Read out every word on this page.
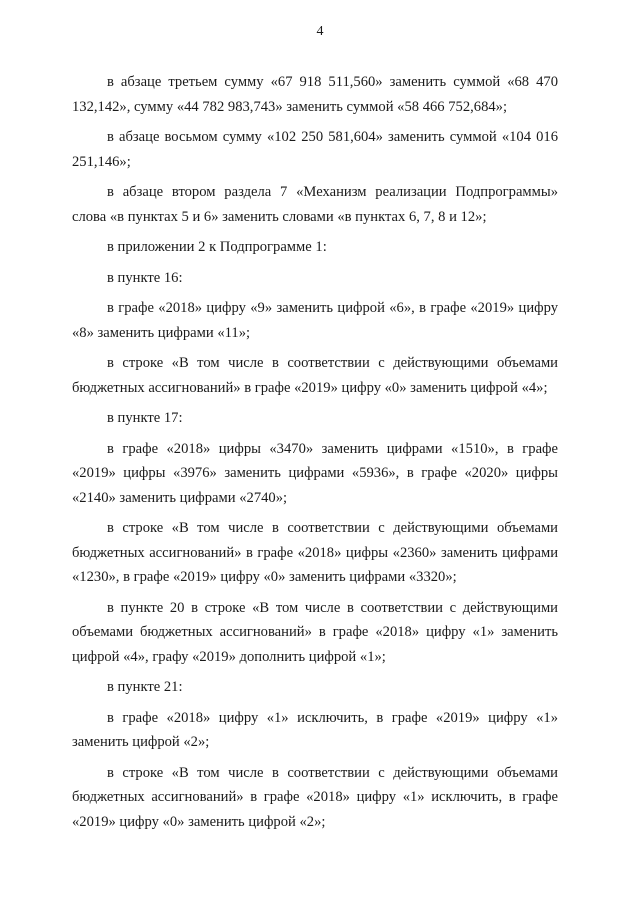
4

в абзаце третьем сумму «67 918 511,560» заменить суммой «68 470 132,142», сумму «44 782 983,743» заменить суммой «58 466 752,684»;

в абзаце восьмом сумму «102 250 581,604» заменить суммой «104 016 251,146»;

в абзаце втором раздела 7 «Механизм реализации Подпрограммы» слова «в пунктах 5 и 6» заменить словами «в пунктах 6, 7, 8 и 12»;

в приложении 2 к Подпрограмме 1:

в пункте 16:

в графе «2018» цифру «9» заменить цифрой «6», в графе «2019» цифру «8» заменить цифрами «11»;

в строке «В том числе в соответствии с действующими объемами бюджетных ассигнований» в графе «2019» цифру «0» заменить цифрой «4»;

в пункте 17:

в графе «2018» цифры «3470» заменить цифрами «1510», в графе «2019» цифры «3976» заменить цифрами «5936», в графе «2020» цифры «2140» заменить цифрами «2740»;

в строке «В том числе в соответствии с действующими объемами бюджетных ассигнований» в графе «2018» цифры «2360» заменить цифрами «1230», в графе «2019» цифру «0» заменить цифрами «3320»;

в пункте 20 в строке «В том числе в соответствии с действующими объемами бюджетных ассигнований» в графе «2018» цифру «1» заменить цифрой «4», графу «2019» дополнить цифрой «1»;

в пункте 21:

в графе «2018» цифру «1» исключить, в графе «2019» цифру «1» заменить цифрой «2»;

в строке «В том числе в соответствии с действующими объемами бюджетных ассигнований» в графе «2018» цифру «1» исключить, в графе «2019» цифру «0» заменить цифрой «2»;
